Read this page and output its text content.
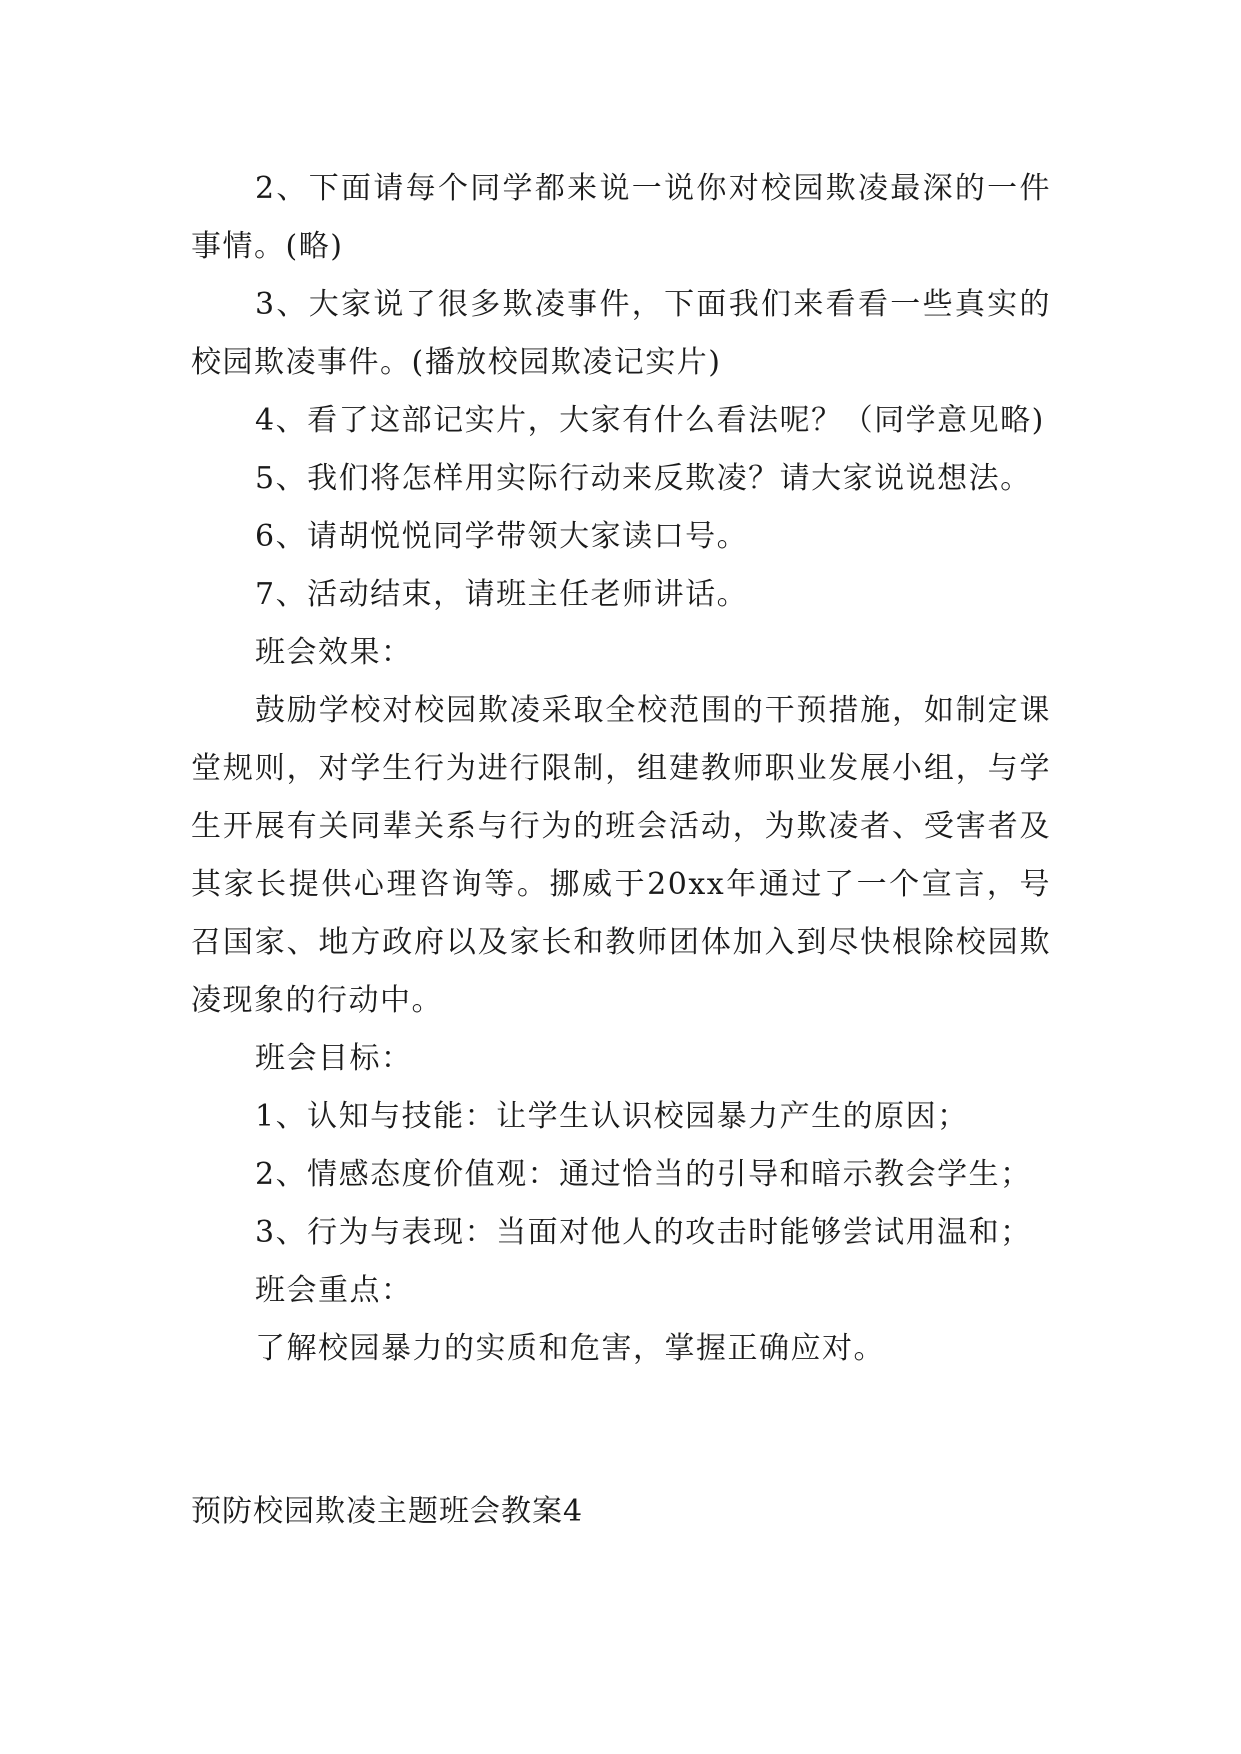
2、下面请每个同学都来说一说你对校园欺凌最深的一件事情。(略)

3、大家说了很多欺凌事件，下面我们来看看一些真实的校园欺凌事件。(播放校园欺凌记实片)

4、看了这部记实片，大家有什么看法呢？（同学意见略)

5、我们将怎样用实际行动来反欺凌？请大家说说想法。

6、请胡悦悦同学带领大家读口号。

7、活动结束，请班主任老师讲话。

班会效果：

鼓励学校对校园欺凌采取全校范围的干预措施，如制定课堂规则，对学生行为进行限制，组建教师职业发展小组，与学生开展有关同辈关系与行为的班会活动，为欺凌者、受害者及其家长提供心理咨询等。挪威于20xx年通过了一个宣言，号召国家、地方政府以及家长和教师团体加入到尽快根除校园欺凌现象的行动中。

班会目标：

1、认知与技能：让学生认识校园暴力产生的原因；

2、情感态度价值观：通过恰当的引导和暗示教会学生；

3、行为与表现：当面对他人的攻击时能够尝试用温和；

班会重点：

了解校园暴力的实质和危害，掌握正确应对。

预防校园欺凌主题班会教案4
